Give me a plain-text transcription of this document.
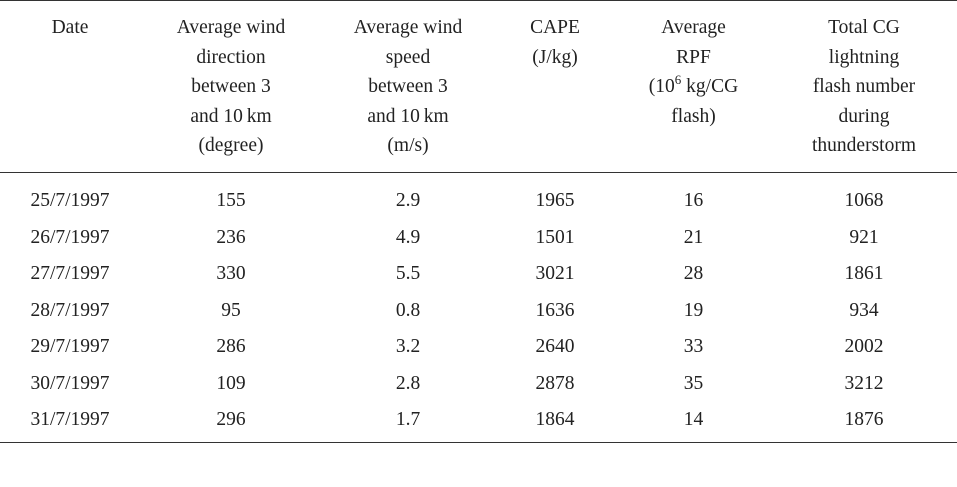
Date	Average wind
direction
between 3
and 10 km
(degree)	Average wind
speed
between 3
and 10 km
(m/s)	CAPE
(J/kg)	Average
RPF
($10^6$ kg/CG
flash)	Total CG
lightning
flash number
during
thunderstorm

25/7/1997	155	2.9	1965	16	1068
26/7/1997	236	4.9	1501	21	921
27/7/1997	330	5.5	3021	28	1861
28/7/1997	95	0.8	1636	19	934
29/7/1997	286	3.2	2640	33	2002
30/7/1997	109	2.8	2878	35	3212
31/7/1997	296	1.7	1864	14	1876
